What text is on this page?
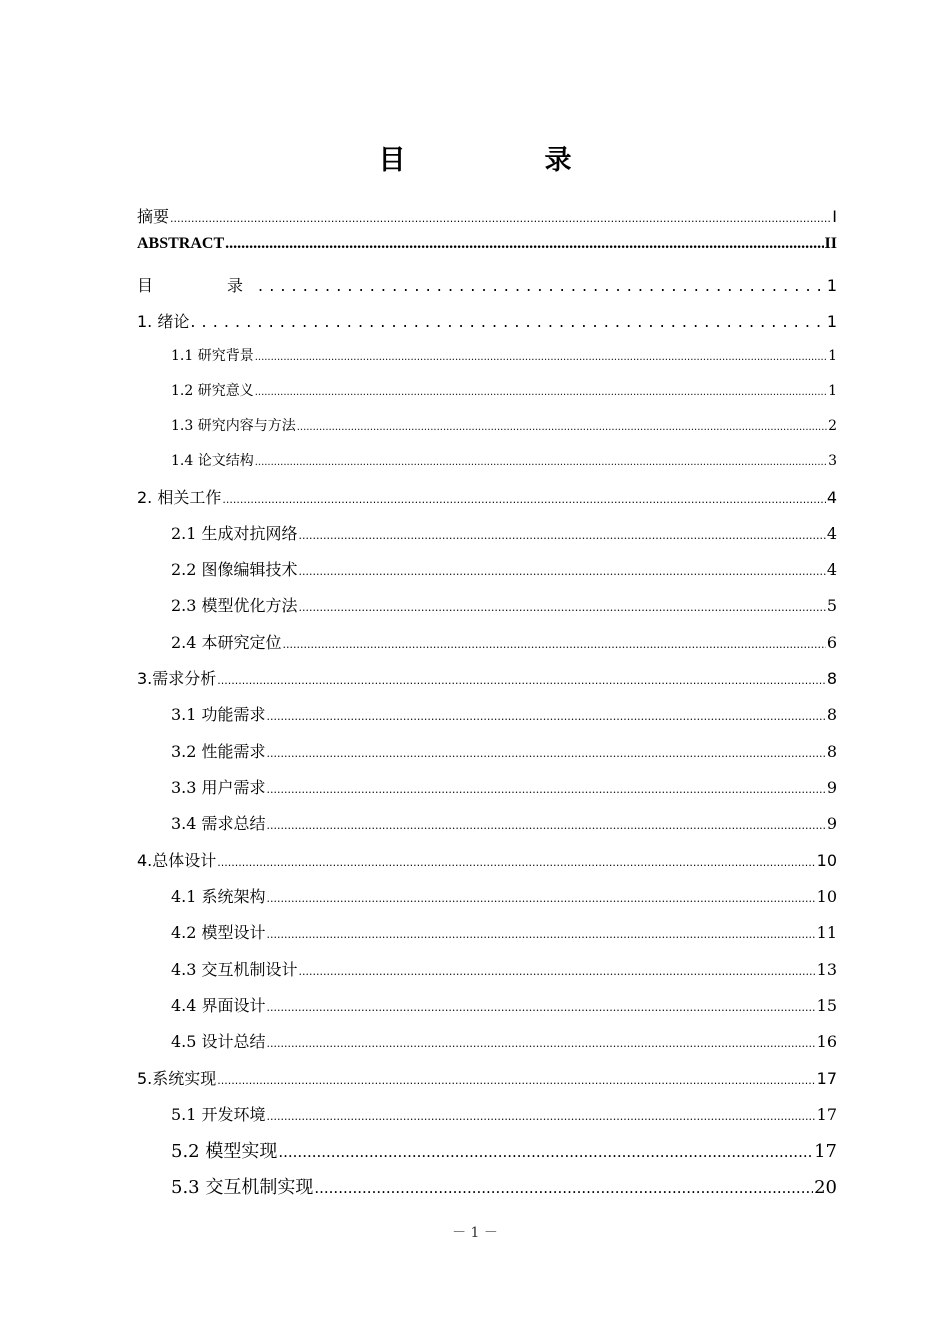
目　录
摘要 .....	I
ABSTRACT .....	II
目　　录 . . .	1
1. 绪论 . . .	1
1.1 研究背景 .....	1
1.2 研究意义 .....	1
1.3 研究内容与方法 .....	2
1.4 论文结构 .....	3
2. 相关工作 .....	4
2.1 生成对抗网络 .....	4
2.2 图像编辑技术 .....	4
2.3 模型优化方法 .....	5
2.4 本研究定位 .....	6
3.需求分析 .....	8
3.1 功能需求 .....	8
3.2 性能需求 .....	8
3.3 用户需求 .....	9
3.4 需求总结 .....	9
4.总体设计 .....	10
4.1 系统架构 .....	10
4.2 模型设计 .....	11
4.3 交互机制设计 .....	13
4.4 界面设计 .....	15
4.5 设计总结 .....	16
5.系统实现 .....	17
5.1 开发环境 .....	17
5.2 模型实现 .....	17
5.3 交互机制实现 .....	20
－ 1 －
